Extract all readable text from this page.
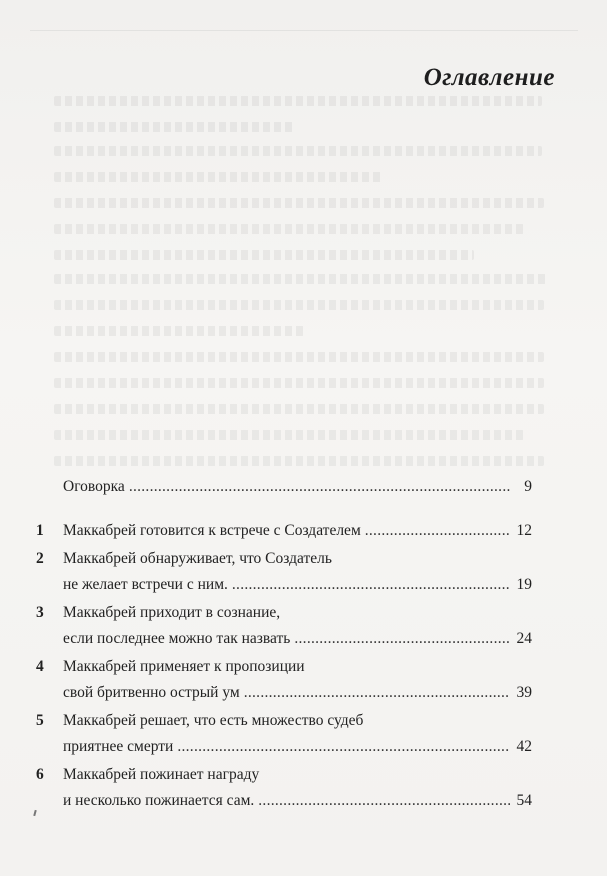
Оглавление
Оговорка . . .	9
1	Маккабрей готовится к встрече с Создателем . . .	12
2	Маккабрей обнаруживает, что Создатель
не желает встречи с ним. . . .	19
3	Маккабрей приходит в сознание,
если последнее можно так назвать . . .	24
4	Маккабрей применяет к пропозиции
свой бритвенно острый ум . . .	39
5	Маккабрей решает, что есть множество судеб
приятнее смерти . . .	42
6	Маккабрей пожинает награду
и несколько пожинается сам. . . .	54
